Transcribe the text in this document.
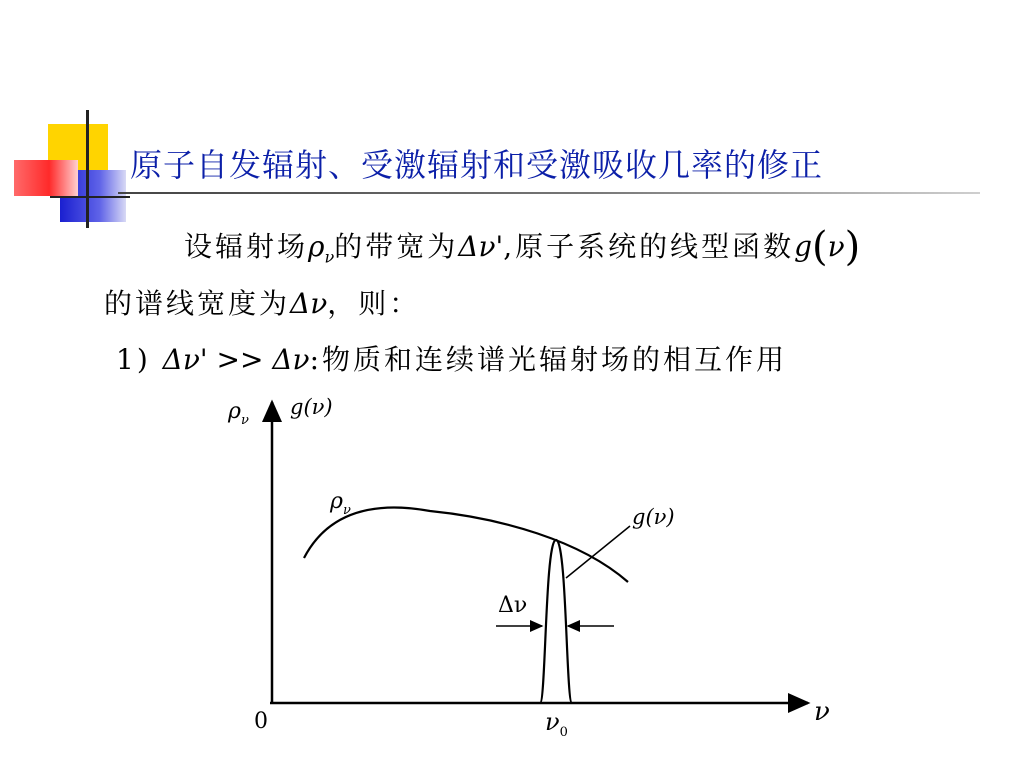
原子自发辐射、受激辐射和受激吸收几率的修正
设辐射场$\rho_\nu$的带宽为Δν',原子系统的线型函数g(ν)
的谱线宽度为Δν，则：
1) Δν' >> Δν:物质和连续谱光辐射场的相互作用
$\rho_\nu$
g(ν)
0	ν
$\nu_0$
$\rho_\nu$	g(ν)
Δν
